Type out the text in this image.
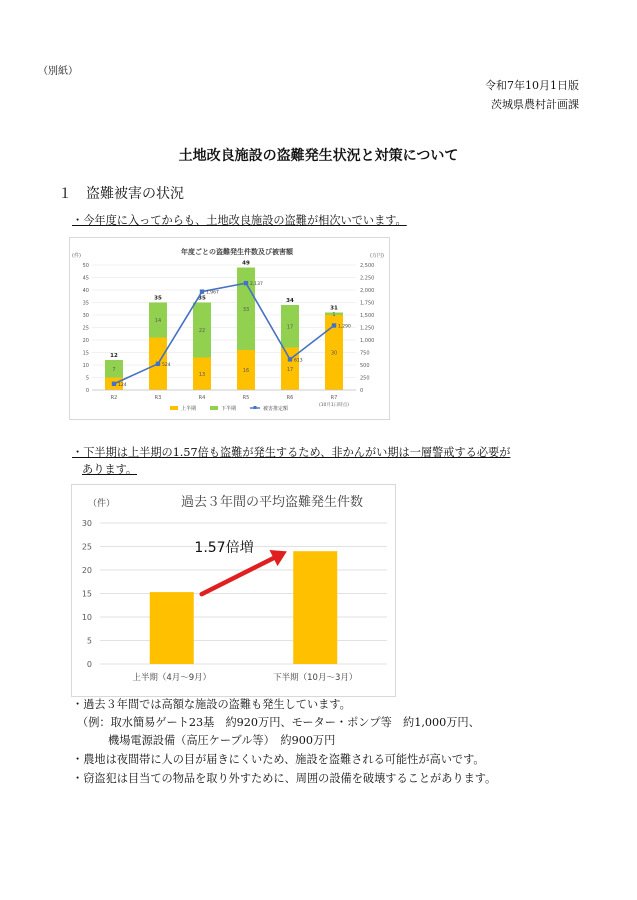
（別紙）
令和7年10月1日版
茨城県農村計画課
土地改良施設の盗難発生状況と対策について
１ 盗難被害の状況
・今年度に入ってからも、土地改良施設の盗難が相次いでいます。
年度ごとの盗難発生件数及び被害額
(件)	(万円)
0
5
10
15
20
25
30
35
40
45
50
0
250
500
750
1,000
1,250
1,500
1,750
2,000
2,250
2,500
7
12
R2
14
35
R3
13
22
35
R4
16
33
49
R5
17
17
34
R6
30
1
31
R7
(10月1日時点)
124
524
1,967
2,137
613
1,290
上半期	下半期	被害推定額
・下半期は上半期の1.57倍も盗難が発生するため、非かんがい期は一層警戒する必要が
あります。
（件）	過去３年間の平均盗難発生件数
0
5
10
15
20
25
30
上半期（4月～9月）	下半期（10月～3月）
1.57倍増
・過去３年間では高額な施設の盗難も発生しています。
（例：取水簡易ゲート23基　約920万円、モーター・ポンプ等　約1,000万円、
機場電源設備（高圧ケーブル等）　約900万円
・農地は夜間帯に人の目が届きにくいため、施設を盗難される可能性が高いです。
・窃盗犯は目当ての物品を取り外すために、周囲の設備を破壊することがあります。
